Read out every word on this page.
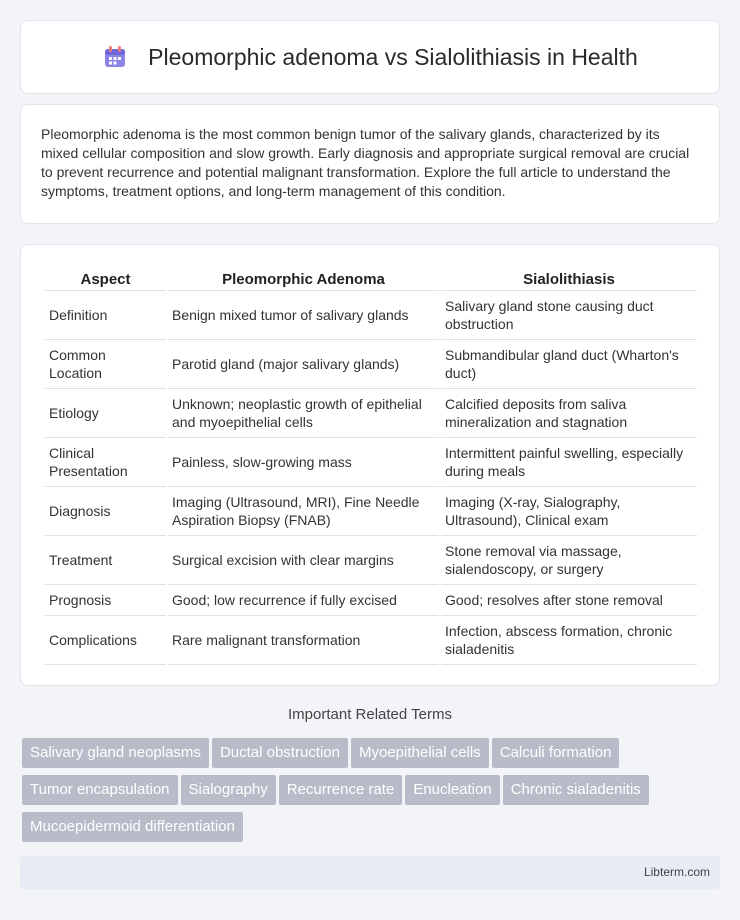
Pleomorphic adenoma vs Sialolithiasis in Health

Pleomorphic adenoma is the most common benign tumor of the salivary glands, characterized by its mixed cellular composition and slow growth. Early diagnosis and appropriate surgical removal are crucial to prevent recurrence and potential malignant transformation. Explore the full article to understand the symptoms, treatment options, and long-term management of this condition.

Aspect	Pleomorphic Adenoma	Sialolithiasis
Definition	Benign mixed tumor of salivary glands	Salivary gland stone causing duct obstruction
Common Location	Parotid gland (major salivary glands)	Submandibular gland duct (Wharton's duct)
Etiology	Unknown; neoplastic growth of epithelial and myoepithelial cells	Calcified deposits from saliva mineralization and stagnation
Clinical Presentation	Painless, slow-growing mass	Intermittent painful swelling, especially during meals
Diagnosis	Imaging (Ultrasound, MRI), Fine Needle Aspiration Biopsy (FNAB)	Imaging (X-ray, Sialography, Ultrasound), Clinical exam
Treatment	Surgical excision with clear margins	Stone removal via massage, sialendoscopy, or surgery
Prognosis	Good; low recurrence if fully excised	Good; resolves after stone removal
Complications	Rare malignant transformation	Infection, abscess formation, chronic sialadenitis
Important Related Terms
Salivary gland neoplasms Ductal obstruction Myoepithelial cells Calculi formationTumor encapsulation Sialography Recurrence rate Enucleation Chronic sialadenitisMucoepidermoid differentiation
Libterm.com
